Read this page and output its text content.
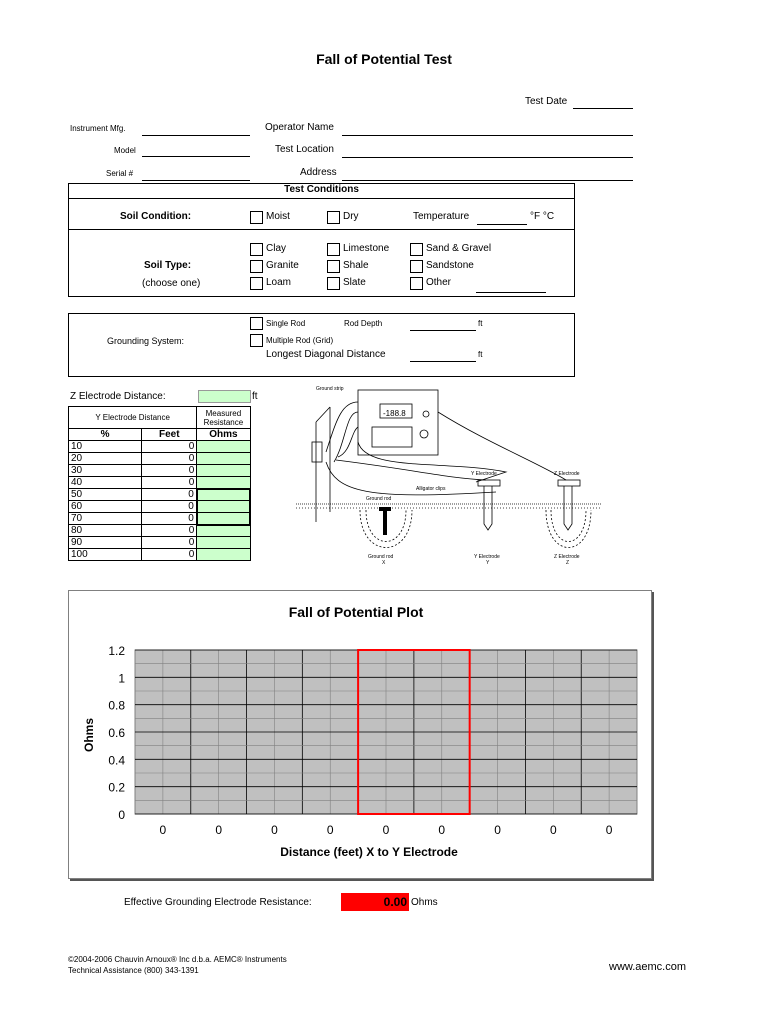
Fall of Potential Test
Test Date
Instrument Mfg.
Model
Serial #
Operator Name
Test Location
Address
Test Conditions
Soil Condition:	Moist	Dry	Temperature	°F °C
Soil Type:
(choose one)
Clay	Limestone	Sand & Gravel
Granite	Shale	Sandstone
Loam	Slate	Other
Grounding System:
Single Rod	Rod Depth	ft
Multiple Rod (Grid)
Longest Diagonal Distance	ft
Z Electrode Distance:	ft
Y Electrode Distance		Measured Resistance
%	Feet	Ohms
10	0	
20	0	
30	0	
40	0	
50	0	
60	0	
70	0	
80	0	
90	0	
100	0	
Ground strip
-188.8
Y Electrode	Z Electrode
Alligator clips
Ground rod
Ground rod
X
Y Electrode
Y
Z Electrode
Z
Fall of Potential Plot
Distance (feet) X to Y Electrode
Ohms
1.2
1
0.8
0.6
0.4
0.2
0
0	0	0	0	0	0	0	0	0
Effective Grounding Electrode Resistance:	0.00 Ohms
©2004-2006 Chauvin Arnoux® Inc d.b.a. AEMC® Instruments
Technical Assistance (800) 343-1391	www.aemc.com
